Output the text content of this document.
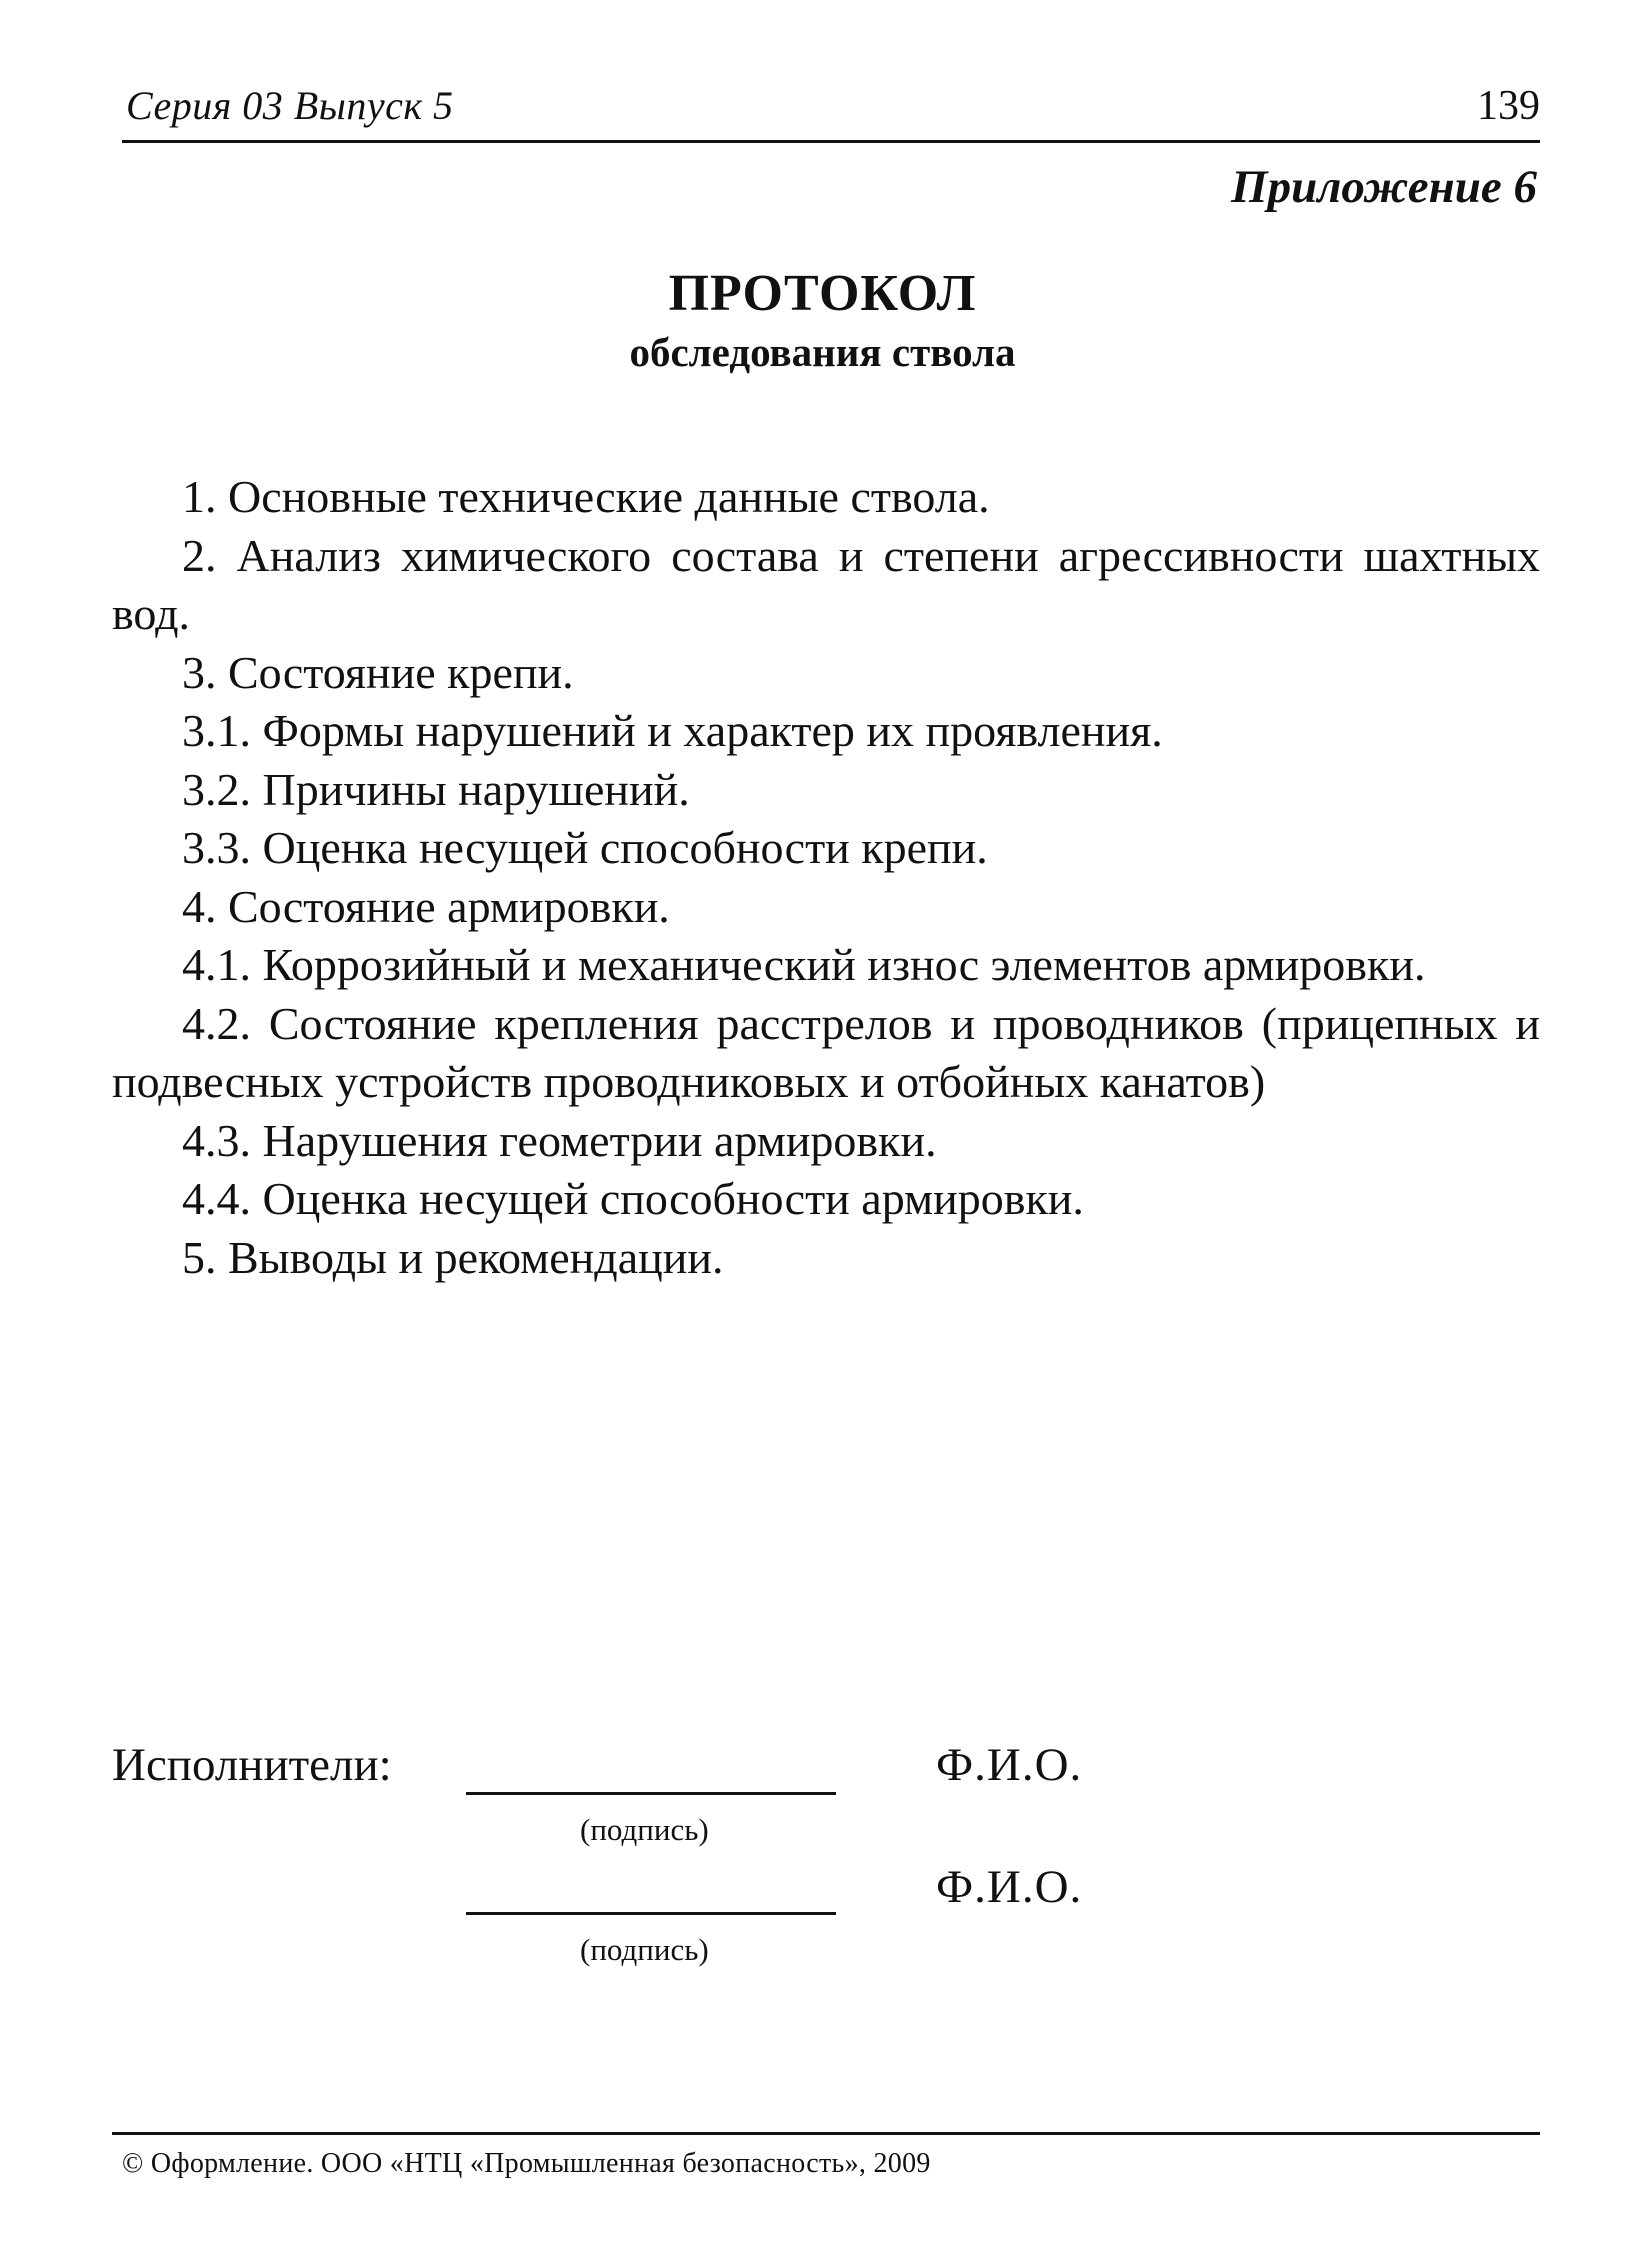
Серия 03 Выпуск 5	139
Приложение 6
ПРОТОКОЛ
обследования ствола

1. Основные технические данные ствола.

2. Анализ химического состава и степени агрессивности шахтных вод.

3. Состояние крепи.

3.1. Формы нарушений и характер их проявления.

3.2. Причины нарушений.

3.3. Оценка несущей способности крепи.

4. Состояние армировки.

4.1. Коррозийный и механический износ элементов армировки.

4.2. Состояние крепления расстрелов и проводников (прицепных и подвесных устройств проводниковых и отбойных канатов)

4.3. Нарушения геометрии армировки.

4.4. Оценка несущей способности армировки.

5. Выводы и рекомендации.

Исполнители:
(подпись)
Ф.И.О.
(подпись)
Ф.И.О.
© Оформление. ООО «НТЦ «Промышленная безопасность», 2009
